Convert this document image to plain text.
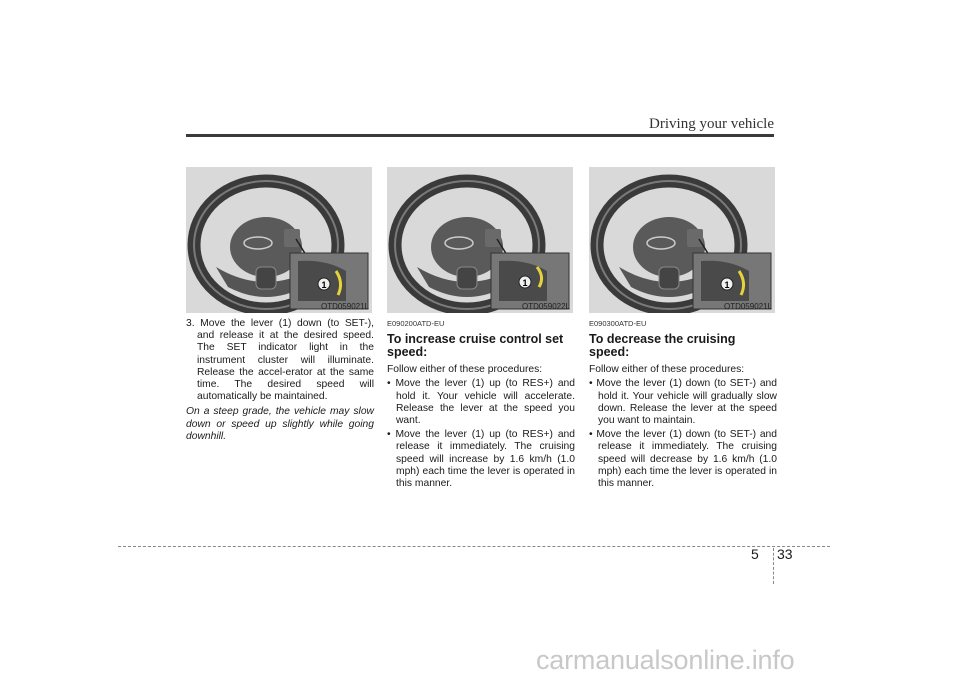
Driving your vehicle
1
OTD059021L
1
OTD059022L
1
OTD059021L

3. Move the lever (1) down (to SET-), and release it at the desired speed. The SET indicator light in the instrument cluster will illuminate. Release the accel-erator at the same time. The desired speed will automatically be maintained.

On a steep grade, the vehicle may slow down or speed up slightly while going downhill.

E090200ATD-EU

To increase cruise control set speed:

Follow either of these procedures:

• Move the lever (1) up (to RES+) and hold it. Your vehicle will accelerate. Release the lever at the speed you want.

• Move the lever (1) up (to RES+) and release it immediately. The cruising speed will increase by 1.6 km/h (1.0 mph) each time the lever is operated in this manner.

E090300ATD-EU

To decrease the cruising speed:

Follow either of these procedures:

• Move the lever (1) down (to SET-) and hold it. Your vehicle will gradually slow down. Release the lever at the speed you want to maintain.

• Move the lever (1) down (to SET-) and release it immediately. The cruising speed will decrease by 1.6 km/h (1.0 mph) each time the lever is operated in this manner.

5 33
carmanualsonline.info
